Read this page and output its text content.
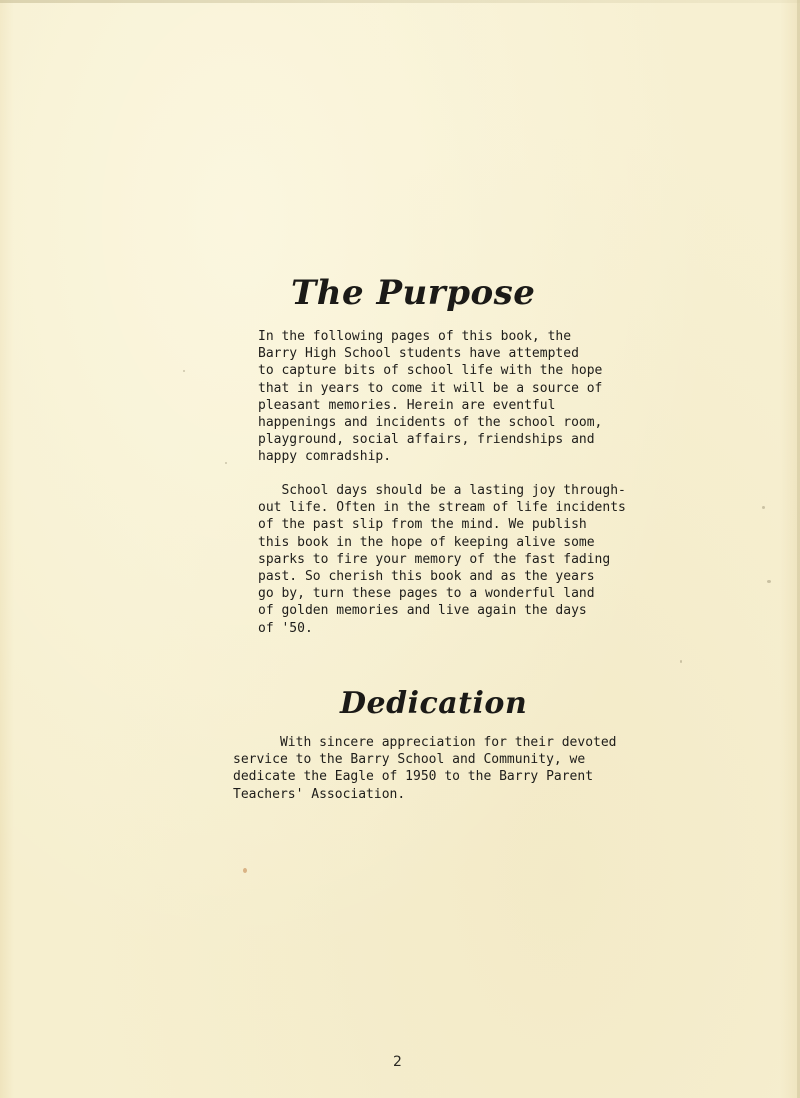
The Purpose

In the following pages of this book, the
Barry High School students have attempted
to capture bits of school life with the hope
that in years to come it will be a source of
pleasant memories. Herein are eventful
happenings and incidents of the school room,
playground, social affairs, friendships and
happy comradship.

School days should be a lasting joy through-
out life. Often in the stream of life incidents
of the past slip from the mind. We publish
this book in the hope of keeping alive some
sparks to fire your memory of the fast fading
past. So cherish this book and as the years
go by, turn these pages to a wonderful land
of golden memories and live again the days
of '50.

Dedication

With sincere appreciation for their devoted
service to the Barry School and Community, we
dedicate the Eagle of 1950 to the Barry Parent
Teachers' Association.

2
